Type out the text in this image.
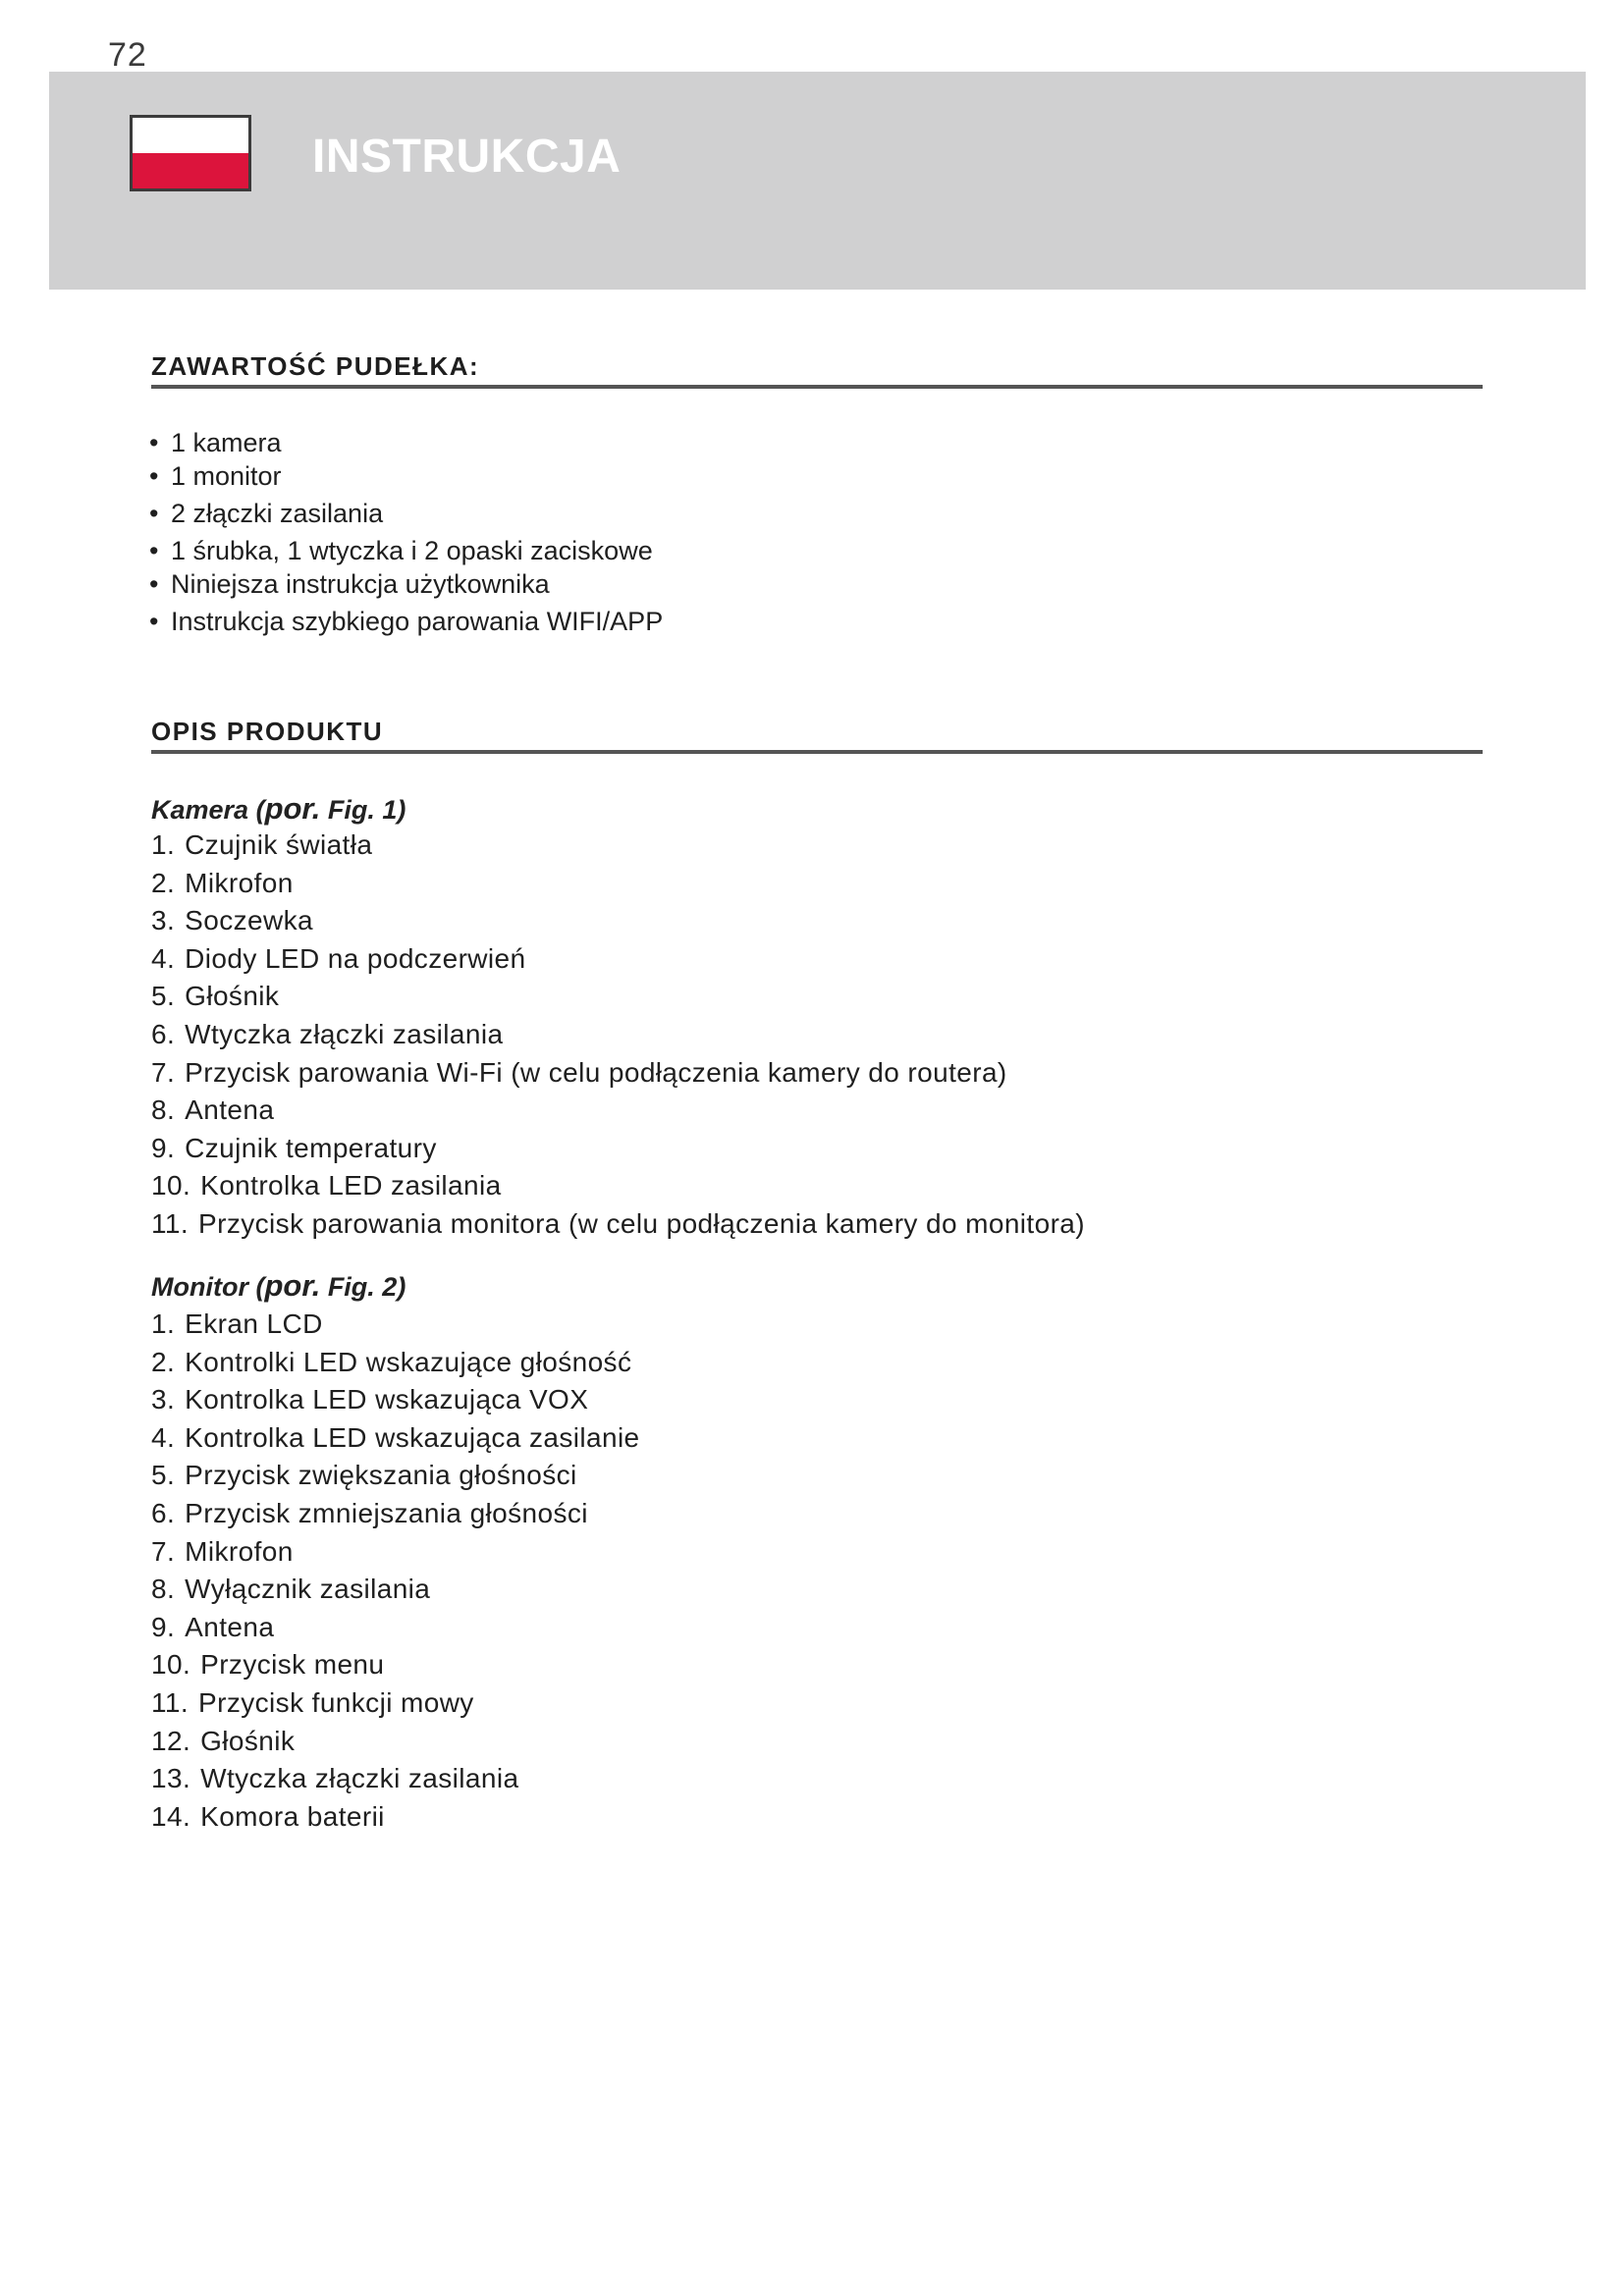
72
INSTRUKCJA
ZAWARTOŚĆ PUDEŁKA:
• 1 kamera
• 1 monitor
• 2 złączki zasilania
• 1 śrubka, 1 wtyczka i 2 opaski zaciskowe
• Niniejsza instrukcja użytkownika
• Instrukcja szybkiego parowania WIFI/APP
OPIS PRODUKTU
Kamera (por. Fig. 1)
1. Czujnik światła
2. Mikrofon
3. Soczewka
4. Diody LED na podczerwień
5. Głośnik
6. Wtyczka złączki zasilania
7. Przycisk parowania Wi-Fi (w celu podłączenia kamery do routera)
8. Antena
9. Czujnik temperatury
10. Kontrolka LED zasilania
11. Przycisk parowania monitora (w celu podłączenia kamery do monitora)
Monitor (por. Fig. 2)
1. Ekran LCD
2. Kontrolki LED wskazujące głośność
3. Kontrolka LED wskazująca VOX
4. Kontrolka LED wskazująca zasilanie
5. Przycisk zwiększania głośności
6. Przycisk zmniejszania głośności
7. Mikrofon
8. Wyłącznik zasilania
9. Antena
10. Przycisk menu
11. Przycisk funkcji mowy
12. Głośnik
13. Wtyczka złączki zasilania
14. Komora baterii
